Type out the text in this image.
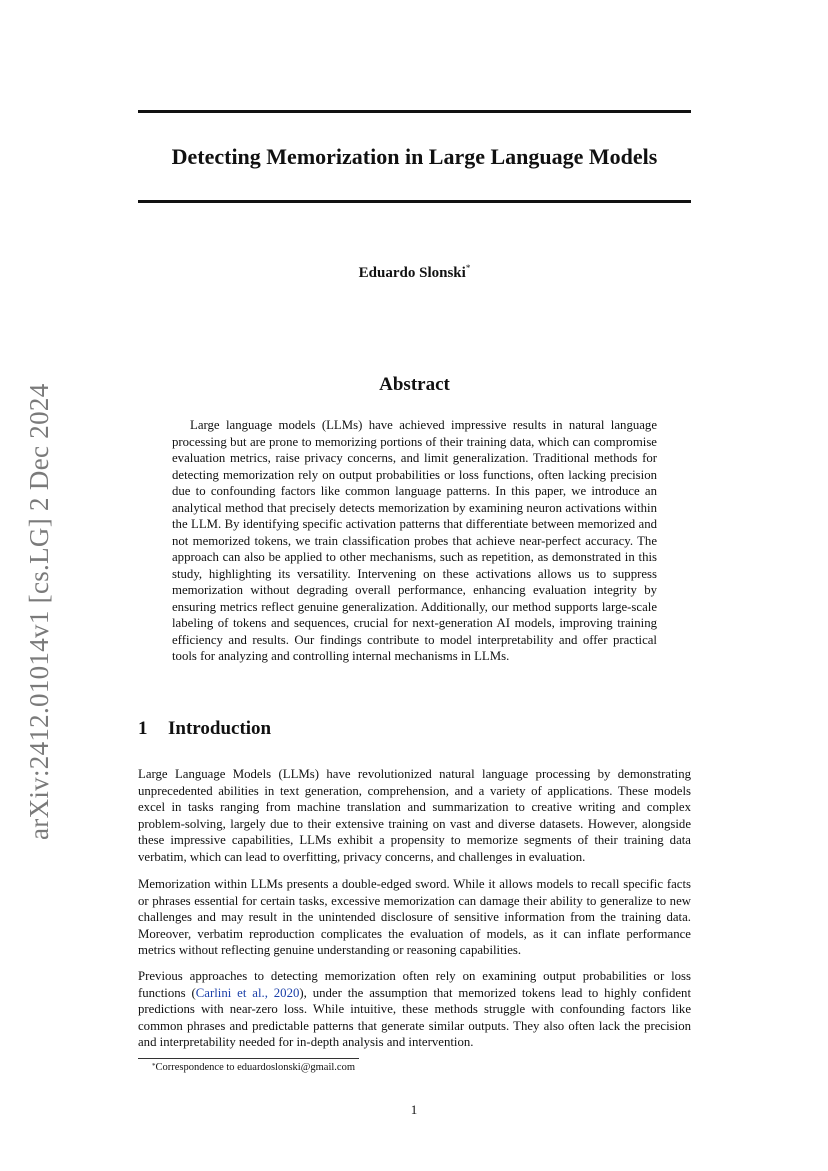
arXiv:2412.01014v1 [cs.LG] 2 Dec 2024
Detecting Memorization in Large Language Models
Eduardo Slonski*
Abstract

Large language models (LLMs) have achieved impressive results in natural language processing but are prone to memorizing portions of their training data, which can compromise evaluation metrics, raise privacy concerns, and limit generalization. Traditional methods for detecting memorization rely on output probabilities or loss functions, often lacking precision due to confounding factors like common language patterns. In this paper, we introduce an analytical method that precisely detects memorization by examining neuron activations within the LLM. By identifying specific activation patterns that differentiate between memorized and not memorized tokens, we train classification probes that achieve near-perfect accuracy. The approach can also be applied to other mechanisms, such as repetition, as demonstrated in this study, highlighting its versatility. Intervening on these activations allows us to suppress memorization without degrading overall performance, enhancing evaluation integrity by ensuring metrics reflect genuine generalization. Additionally, our method supports large-scale labeling of tokens and sequences, crucial for next-generation AI models, improving training efficiency and results. Our findings contribute to model interpretability and offer practical tools for analyzing and controlling internal mechanisms in LLMs.

1 Introduction

Large Language Models (LLMs) have revolutionized natural language processing by demonstrating unprecedented abilities in text generation, comprehension, and a variety of applications. These models excel in tasks ranging from machine translation and summarization to creative writing and complex problem-solving, largely due to their extensive training on vast and diverse datasets. However, alongside these impressive capabilities, LLMs exhibit a propensity to memorize segments of their training data verbatim, which can lead to overfitting, privacy concerns, and challenges in evaluation.

Memorization within LLMs presents a double-edged sword. While it allows models to recall specific facts or phrases essential for certain tasks, excessive memorization can damage their ability to generalize to new challenges and may result in the unintended disclosure of sensitive information from the training data. Moreover, verbatim reproduction complicates the evaluation of models, as it can inflate performance metrics without reflecting genuine understanding or reasoning capabilities.

Previous approaches to detecting memorization often rely on examining output probabilities or loss functions (Carlini et al., 2020), under the assumption that memorized tokens lead to highly confident predictions with near-zero loss. While intuitive, these methods struggle with confounding factors like common phrases and predictable patterns that generate similar outputs. They also often lack the precision and interpretability needed for in-depth analysis and intervention.

*Correspondence to eduardoslonski@gmail.com
1
